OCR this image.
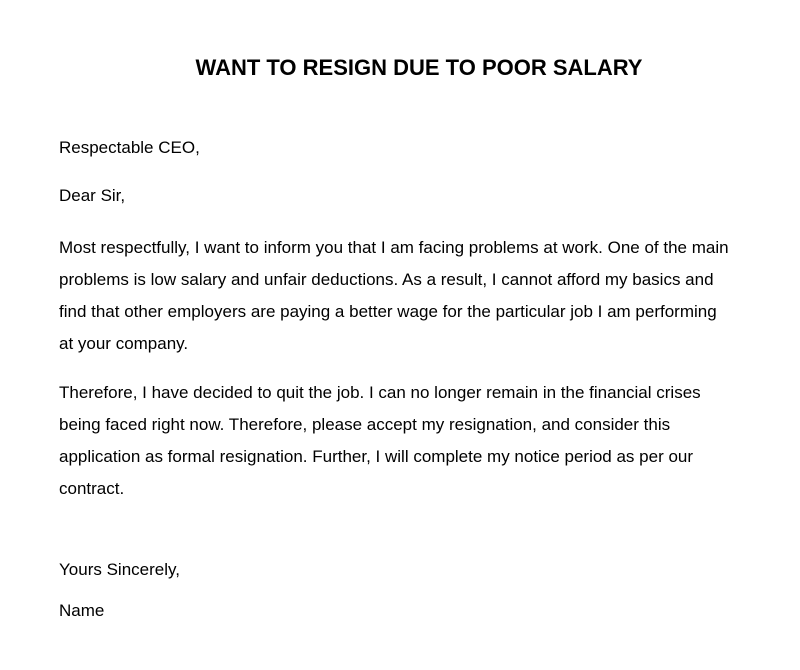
WANT TO RESIGN DUE TO POOR SALARY
Respectable CEO,
Dear Sir,
Most respectfully, I want to inform you that I am facing problems at work. One of the main
problems is low salary and unfair deductions. As a result, I cannot afford my basics and
find that other employers are paying a better wage for the particular job I am performing
at your company.
Therefore, I have decided to quit the job. I can no longer remain in the financial crises
being faced right now. Therefore, please accept my resignation, and consider this
application as formal resignation. Further, I will complete my notice period as per our
contract.
Yours Sincerely,
Name
